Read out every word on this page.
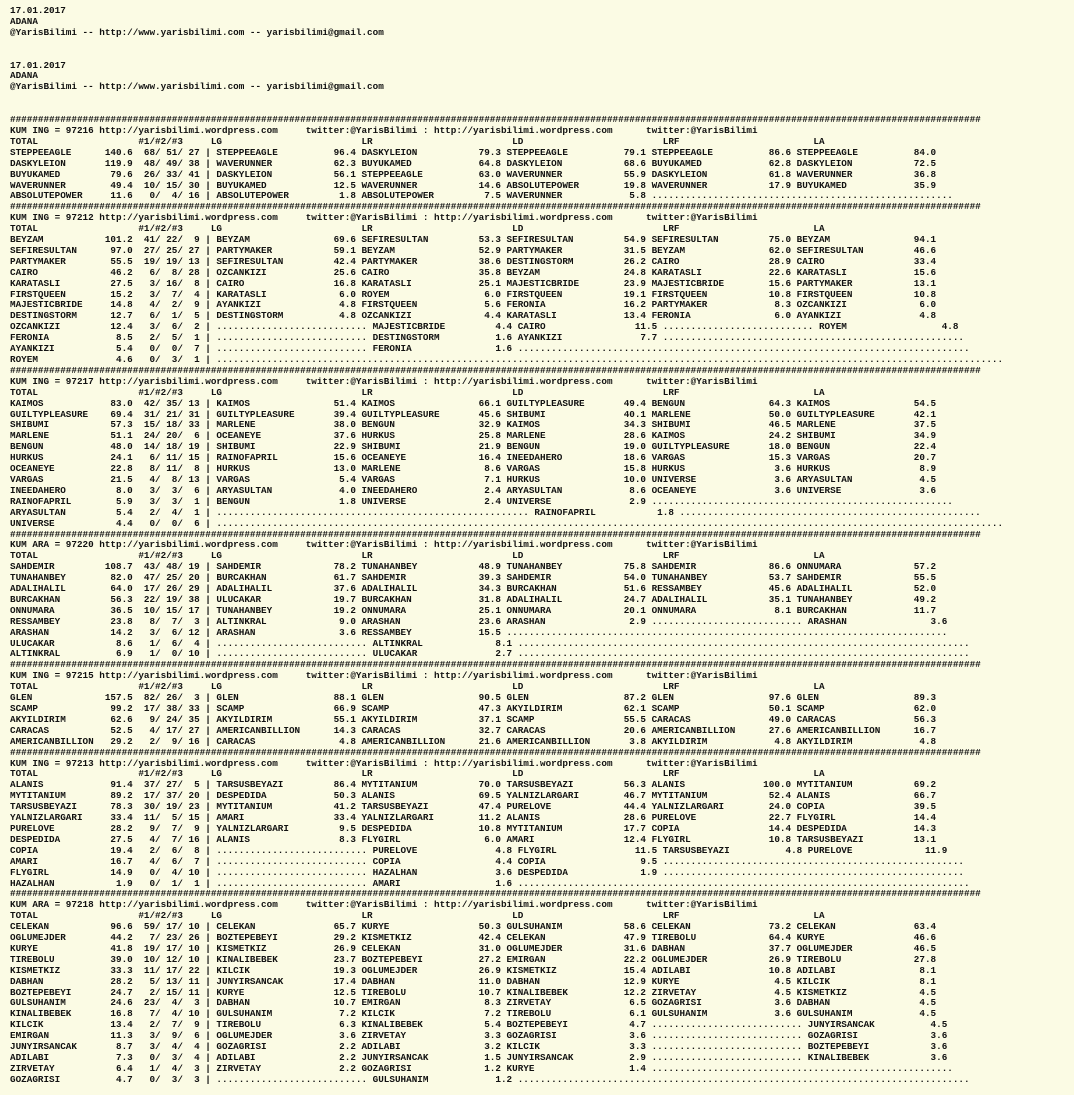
17.01.2017
ADANA
@YarisBilimi -- http://www.yarisbilimi.com -- yarisbilimi@gmail.com

17.01.2017
ADANA
@YarisBilimi -- http://www.yarisbilimi.com -- yarisbilimi@gmail.com

##############################################################################################################################################################################
KUM ING = 97216 http://yarisbilimi.wordpress.com     twitter:@YarisBilimi : http://yarisbilimi.wordpress.com      twitter:@YarisBilimi
TOTAL                  #1/#2/#3     LG                         LR                         LD                         LRF                        LA
STEPPEEAGLE      140.6  68/ 51/ 27 | STEPPEEAGLE          96.4 DASKYLEION           79.3 STEPPEEAGLE          79.1 STEPPEEAGLE          86.6 STEPPEEAGLE          84.0
DASKYLEION       119.9  48/ 49/ 38 | WAVERUNNER           62.3 BUYUKAMED            64.8 DASKYLEION           68.6 BUYUKAMED            62.8 DASKYLEION           72.5
BUYUKAMED         79.6  26/ 33/ 41 | DASKYLEION           56.1 STEPPEEAGLE          63.0 WAVERUNNER           55.9 DASKYLEION           61.8 WAVERUNNER           36.8
WAVERUNNER        49.4  10/ 15/ 30 | BUYUKAMED            12.5 WAVERUNNER           14.6 ABSOLUTEPOWER        19.8 WAVERUNNER           17.9 BUYUKAMED            35.9
ABSOLUTEPOWER     11.6   0/  4/ 16 | ABSOLUTEPOWER         1.8 ABSOLUTEPOWER         7.5 WAVERUNNER            5.8 ......................................................
##############################################################################################################################################################################
KUM ING = 97212 http://yarisbilimi.wordpress.com     twitter:@YarisBilimi : http://yarisbilimi.wordpress.com      twitter:@YarisBilimi
TOTAL                  #1/#2/#3     LG                         LR                         LD                         LRF                        LA
BEYZAM           101.2  41/ 22/  9 | BEYZAM               69.6 SEFIRESULTAN         53.3 SEFIRESULTAN         54.9 SEFIRESULTAN         75.0 BEYZAM               94.1
SEFIRESULTAN      97.0  27/ 25/ 27 | PARTYMAKER           59.1 BEYZAM               52.9 PARTYMAKER           31.5 BEYZAM               62.0 SEFIRESULTAN         46.6
PARTYMAKER        55.5  19/ 19/ 13 | SEFIRESULTAN         42.4 PARTYMAKER           38.6 DESTINGSTORM         26.2 CAIRO                28.9 CAIRO                33.4
CAIRO             46.2   6/  8/ 28 | OZCANKIZI            25.6 CAIRO                35.8 BEYZAM               24.8 KARATASLI            22.6 KARATASLI            15.6
KARATASLI         27.5   3/ 16/  8 | CAIRO                16.8 KARATASLI            25.1 MAJESTICBRIDE        23.9 MAJESTICBRIDE        15.6 PARTYMAKER           13.1
FIRSTQUEEN        15.2   3/  7/  4 | KARATASLI             6.0 ROYEM                 6.0 FIRSTQUEEN           19.1 FIRSTQUEEN           10.8 FIRSTQUEEN           10.8
MAJESTICBRIDE     14.8   4/  2/  9 | AYANKIZI              4.8 FIRSTQUEEN            5.6 FERONIA              16.2 PARTYMAKER            8.3 OZCANKIZI             6.0
DESTINGSTORM      12.7   6/  1/  5 | DESTINGSTORM          4.8 OZCANKIZI             4.4 KARATASLI            13.4 FERONIA               6.0 AYANKIZI              4.8
OZCANKIZI         12.4   3/  6/  2 | ........................... MAJESTICBRIDE         4.4 CAIRO                11.5 ........................... ROYEM                 4.8
FERONIA            8.5   2/  5/  1 | ........................... DESTINGSTORM          1.6 AYANKIZI              7.7 ......................................................
AYANKIZI           5.4   0/  0/  7 | ........................... FERONIA               1.6 .................................................................................
ROYEM              4.6   0/  3/  1 | .............................................................................................................................................
##############################################################################################################################################################################
KUM ING = 97217 http://yarisbilimi.wordpress.com     twitter:@YarisBilimi : http://yarisbilimi.wordpress.com      twitter:@YarisBilimi
TOTAL                  #1/#2/#3     LG                         LR                         LD                         LRF                        LA
KAIMOS            83.0  42/ 35/ 13 | KAIMOS               51.4 KAIMOS               66.1 GUILTYPLEASURE       49.4 BENGUN               64.3 KAIMOS               54.5
GUILTYPLEASURE    69.4  31/ 21/ 31 | GUILTYPLEASURE       39.4 GUILTYPLEASURE       45.6 SHIBUMI              40.1 MARLENE              50.0 GUILTYPLEASURE       42.1
SHIBUMI           57.3  15/ 18/ 33 | MARLENE              38.0 BENGUN               32.9 KAIMOS               34.3 SHIBUMI              46.5 MARLENE              37.5
MARLENE           51.1  24/ 20/  6 | OCEANEYE             37.6 HURKUS               25.8 MARLENE              28.6 KAIMOS               24.2 SHIBUMI              34.9
BENGUN            48.0  14/ 18/ 19 | SHIBUMI              22.9 SHIBUMI              21.9 BENGUN               19.0 GUILTYPLEASURE       18.0 BENGUN               22.4
HURKUS            24.1   6/ 11/ 15 | RAINOFAPRIL          15.6 OCEANEYE             16.4 INEEDAHERO           18.6 VARGAS               15.3 VARGAS               20.7
OCEANEYE          22.8   8/ 11/  8 | HURKUS               13.0 MARLENE               8.6 VARGAS               15.8 HURKUS                3.6 HURKUS                8.9
VARGAS            21.5   4/  8/ 13 | VARGAS                5.4 VARGAS                7.1 HURKUS               10.0 UNIVERSE              3.6 ARYASULTAN            4.5
INEEDAHERO         8.0   3/  3/  6 | ARYASULTAN            4.0 INEEDAHERO            2.4 ARYASULTAN            8.6 OCEANEYE              3.6 UNIVERSE              3.6
RAINOFAPRIL        5.9   3/  3/  1 | BENGUN                1.8 UNIVERSE              2.4 UNIVERSE              2.9 ......................................................
ARYASULTAN         5.4   2/  4/  1 | ........................................................ RAINOFAPRIL           1.8 ......................................................
UNIVERSE           4.4   0/  0/  6 | .............................................................................................................................................
##############################################################################################################################################################################
KUM ARA = 97220 http://yarisbilimi.wordpress.com     twitter:@YarisBilimi : http://yarisbilimi.wordpress.com      twitter:@YarisBilimi
TOTAL                  #1/#2/#3     LG                         LR                         LD                         LRF                        LA
SAHDEMIR         108.7  43/ 48/ 19 | SAHDEMIR             78.2 TUNAHANBEY           48.9 TUNAHANBEY           75.8 SAHDEMIR             86.6 ONNUMARA             57.2
TUNAHANBEY        82.0  47/ 25/ 20 | BURCAKHAN            61.7 SAHDEMIR             39.3 SAHDEMIR             54.0 TUNAHANBEY           53.7 SAHDEMIR             55.5
ADALIHALIL        64.0  17/ 26/ 29 | ADALIHALIL           37.6 ADALIHALIL           34.3 BURCAKHAN            51.6 RESSAMBEY            45.6 ADALIHALIL           52.0
BURCAKHAN         56.3  22/ 19/ 38 | ULUCAKAR             19.7 BURCAKHAN            31.8 ADALIHALIL           24.7 ADALIHALIL           35.1 TUNAHANBEY           49.2
ONNUMARA          36.5  10/ 15/ 17 | TUNAHANBEY           19.2 ONNUMARA             25.1 ONNUMARA             20.1 ONNUMARA              8.1 BURCAKHAN            11.7
RESSAMBEY         23.8   8/  7/  3 | ALTINKRAL             9.0 ARASHAN              23.6 ARASHAN               2.9 ........................... ARASHAN               3.6
ARASHAN           14.2   3/  6/ 12 | ARASHAN               3.6 RESSAMBEY            15.5 ...............................................................................
ULUCAKAR           8.6   1/  6/  4 | ........................... ALTINKRAL             8.1 .................................................................................
ALTINKRAL          6.9   1/  0/ 10 | ........................... ULUCAKAR              2.7 .................................................................................
##############################################################################################################################################################################
KUM ING = 97215 http://yarisbilimi.wordpress.com     twitter:@YarisBilimi : http://yarisbilimi.wordpress.com      twitter:@YarisBilimi
TOTAL                  #1/#2/#3     LG                         LR                         LD                         LRF                        LA
GLEN             157.5  82/ 26/  3 | GLEN                 88.1 GLEN                 90.5 GLEN                 87.2 GLEN                 97.6 GLEN                 89.3
SCAMP             99.2  17/ 38/ 33 | SCAMP                66.9 SCAMP                47.3 AKYILDIRIM           62.1 SCAMP                50.1 SCAMP                62.0
AKYILDIRIM        62.6   9/ 24/ 35 | AKYILDIRIM           55.1 AKYILDIRIM           37.1 SCAMP                55.5 CARACAS              49.0 CARACAS              56.3
CARACAS           52.5   4/ 17/ 27 | AMERICANBILLION      14.3 CARACAS              32.7 CARACAS              20.6 AMERICANBILLION      27.6 AMERICANBILLION      16.7
AMERICANBILLION   29.2   2/  9/ 16 | CARACAS               4.8 AMERICANBILLION      21.6 AMERICANBILLION       3.8 AKYILDIRIM            4.8 AKYILDIRIM            4.8
##############################################################################################################################################################################
KUM ING = 97213 http://yarisbilimi.wordpress.com     twitter:@YarisBilimi : http://yarisbilimi.wordpress.com      twitter:@YarisBilimi
TOTAL                  #1/#2/#3     LG                         LR                         LD                         LRF                        LA
ALANIS            91.4  37/ 27/  5 | TARSUSBEYAZI         86.4 MYTITANIUM           70.0 TARSUSBEYAZI         56.3 ALANIS              100.0 MYTITANIUM           69.2
MYTITANIUM        89.2  17/ 37/ 20 | DESPEDIDA            50.3 ALANIS               69.5 YALNIZLARGARI        46.7 MYTITANIUM           52.4 ALANIS               66.7
TARSUSBEYAZI      78.3  30/ 19/ 23 | MYTITANIUM           41.2 TARSUSBEYAZI         47.4 PURELOVE             44.4 YALNIZLARGARI        24.0 COPIA                39.5
YALNIZLARGARI     33.4  11/  5/ 15 | AMARI                33.4 YALNIZLARGARI        11.2 ALANIS               28.6 PURELOVE             22.7 FLYGIRL              14.4
PURELOVE          28.2   9/  7/  9 | YALNIZLARGARI         9.5 DESPEDIDA            10.8 MYTITANIUM           17.7 COPIA                14.4 DESPEDIDA            14.3
DESPEDIDA         27.5   4/  7/ 16 | ALANIS                8.3 FLYGIRL               6.0 AMARI                12.4 FLYGIRL              10.8 TARSUSBEYAZI         13.1
COPIA             19.4   2/  6/  8 | ........................... PURELOVE              4.8 FLYGIRL              11.5 TARSUSBEYAZI          4.8 PURELOVE             11.9
AMARI             16.7   4/  6/  7 | ........................... COPIA                 4.4 COPIA                 9.5 ......................................................
FLYGIRL           14.9   0/  4/ 10 | ........................... HAZALHAN              3.6 DESPEDIDA             1.9 ......................................................
HAZALHAN           1.9   0/  1/  1 | ........................... AMARI                 1.6 .................................................................................
##############################################################################################################################################################################
KUM ARA = 97218 http://yarisbilimi.wordpress.com     twitter:@YarisBilimi : http://yarisbilimi.wordpress.com      twitter:@YarisBilimi
TOTAL                  #1/#2/#3     LG                         LR                         LD                         LRF                        LA
CELEKAN           96.6  59/ 17/ 10 | CELEKAN              65.7 KURYE                50.3 GULSUHANIM           58.6 CELEKAN              73.2 CELEKAN              63.4
OGLUMEJDER        44.2   7/ 23/ 26 | BOZTEPEBEYI          29.2 KISMETKIZ            42.4 CELEKAN              47.9 TIREBOLU             64.4 KURYE                46.6
KURYE             41.8  19/ 17/ 10 | KISMETKIZ            26.9 CELEKAN              31.0 OGLUMEJDER           31.6 DABHAN               37.7 OGLUMEJDER           46.5
TIREBOLU          39.0  10/ 12/ 10 | KINALIBEBEK          23.7 BOZTEPEBEYI          27.2 EMIRGAN              22.2 OGLUMEJDER           26.9 TIREBOLU             27.8
KISMETKIZ         33.3  11/ 17/ 22 | KILCIK               19.3 OGLUMEJDER           26.9 KISMETKIZ            15.4 ADILABI              10.8 ADILABI               8.1
DABHAN            28.2   5/ 13/ 11 | JUNYIRSANCAK         17.4 DABHAN               11.0 DABHAN               12.9 KURYE                 4.5 KILCIK                8.1
BOZTEPEBEYI       24.7   2/ 15/ 11 | KURYE                12.5 TIREBOLU             10.7 KINALIBEBEK          12.2 ZIRVETAY              4.5 KISMETKIZ             4.5
GULSUHANIM        24.6  23/  4/  3 | DABHAN               10.7 EMIRGAN               8.3 ZIRVETAY              6.5 GOZAGRISI             3.6 DABHAN                4.5
KINALIBEBEK       16.8   7/  4/ 10 | GULSUHANIM            7.2 KILCIK                7.2 TIREBOLU              6.1 GULSUHANIM            3.6 GULSUHANIM            4.5
KILCIK            13.4   2/  7/  9 | TIREBOLU              6.3 KINALIBEBEK           5.4 BOZTEPEBEYI           4.7 ........................... JUNYIRSANCAK          4.5
EMIRGAN           11.3   3/  9/  6 | OGLUMEJDER            3.6 ZIRVETAY              3.3 GOZAGRISI             3.6 ........................... GOZAGRISI             3.6
JUNYIRSANCAK       8.7   3/  4/  4 | GOZAGRISI             2.2 ADILABI               3.2 KILCIK                3.3 ........................... BOZTEPEBEYI           3.6
ADILABI            7.3   0/  3/  4 | ADILABI               2.2 JUNYIRSANCAK          1.5 JUNYIRSANCAK          2.9 ........................... KINALIBEBEK           3.6
ZIRVETAY           6.4   1/  4/  3 | ZIRVETAY              2.2 GOZAGRISI             1.2 KURYE                 1.4 ......................................................
GOZAGRISI          4.7   0/  3/  3 | ........................... GULSUHANIM            1.2 .................................................................................
